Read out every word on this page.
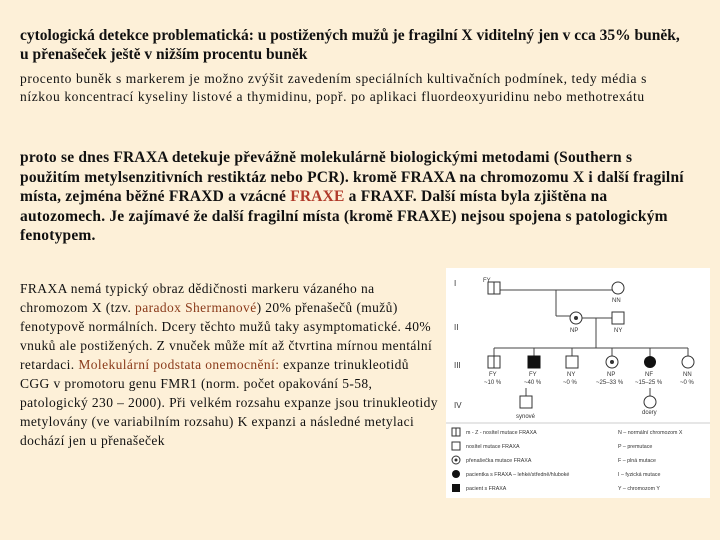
cytologická detekce problematická: u postižených mužů je fragilní X viditelný jen v cca 35% buněk, u přenašeček ještě v nižším procentu buněk
procento buněk s markerem je možno zvýšit zavedením speciálních kultivačních podmínek, tedy média s nízkou koncentrací kyseliny listové a thymidinu, popř. po aplikaci fluordeoxyuridinu nebo methotrexátu
proto se dnes FRAXA detekuje převážně molekulárně biologickými metodami (Southern s použitím metylsenzitivních restiktáz nebo PCR). kromě FRAXA na chromozomu X i další fragilní místa, zejména běžné FRAXD a vzácné FRAXE a FRAXF. Další místa byla zjištěna na autozomech. Je zajímavé že další fragilní místa (kromě FRAXE) nejsou spojena s patologickým fenotypem.
FRAXA nemá typický obraz dědičnosti markeru vázaného na chromozom X (tzv. paradox Shermanové) 20% přenašečů (mužů) fenotypově normálních. Dcery těchto mužů taky asymptomatické. 40% vnuků ale postižených. Z vnuček může mít až čtvrtina mírnou mentální retardaci. Molekulární podstata onemocnění: expanze trinukleotidů CGG v promotoru genu FMR1 (norm. počet opakování 5-58, patologický 230 – 2000). Při velkém rozsahu expanze jsou trinukleotidy metylovány (ve variabilním rozsahu) K expanzi a následné metylaci dochází jen u přenašeček
I
II
III
IV
FY
NN
NP	NY
FY	FY	NY	NP	NF	NN
~10 %	~40 %	~0 %	~25–33 % ~15–25 %	~0 %
synové
dcery
m - Z - nosítel mutace FRAXA
nosítel mutace FRAXA
přenašečka mutace FRAXA
pacientka s FRAXA – lehké/středně/hluboké
pacient s FRAXA
N – normální chromozom X
P – premutace
F – plná mutace
I – fyzická mutace
Y – chromozom Y
